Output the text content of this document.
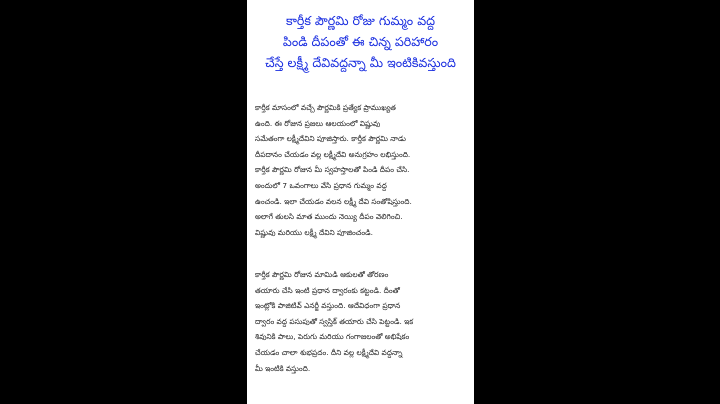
కార్తీక పౌర్ణమి రోజు గుమ్మం వద్ద
పిండి దీపంతో ఈ చిన్న పరిహారం
చేస్తే లక్ష్మీ దేవివద్దన్నా మీ ఇంటికివస్తుంది
కార్తీక మాసంలో వచ్చే పౌర్ణమికి ప్రత్యేక ప్రాముఖ్యత
ఉంది. ఈ రోజున ప్రజలు ఆలయంలో విష్ణువు
సమేతంగా లక్ష్మీదేవిని పూజిస్తారు. కార్తీక పౌర్ణమి నాడు
దీపదానం చేయడం వల్ల లక్ష్మీదేవి అనుగ్రహం లభిస్తుంది.
కార్తీక పౌర్ణమి రోజున మీ స్వహస్తాలతో పిండి దీపం చేసి.
అందులో 7 ఒవంగాలు వేసి ప్రధాన గుమ్మం వద్ద
ఉంచండి. ఇలా చేయడం వలన లక్ష్మీ దేవి సంతోషిస్తుంది.
అలాగే తులసి మాత ముందు నెయ్యి దీపం వెలిగించి.
విష్ణువు మరియు లక్ష్మీ దేవిని పూజించండి.
కార్తీక పౌర్ణమి రోజున మామిడి ఆకులతో తోరణం
తయారు చేసి ఇంటి ప్రధాన ద్వారంకు కట్టండి. దీంతో
ఇంట్లోకి పాజిటివ్ ఎనర్జీ వస్తుంది. ఆదేవిధంగా ప్రధాన
ద్వారం వద్ద పసుపుతో స్వస్తిక్ తయారు చేసి పెట్టండి. ఇక
శివునికి పాలు, పెరుగు మరియు గంగాజలంతో అభిషేకం
చేయడం చాలా శుభప్రదం. దీని వల్ల లక్ష్మీదేవి వద్దన్నా
మీ ఇంటికి వస్తుంది.
